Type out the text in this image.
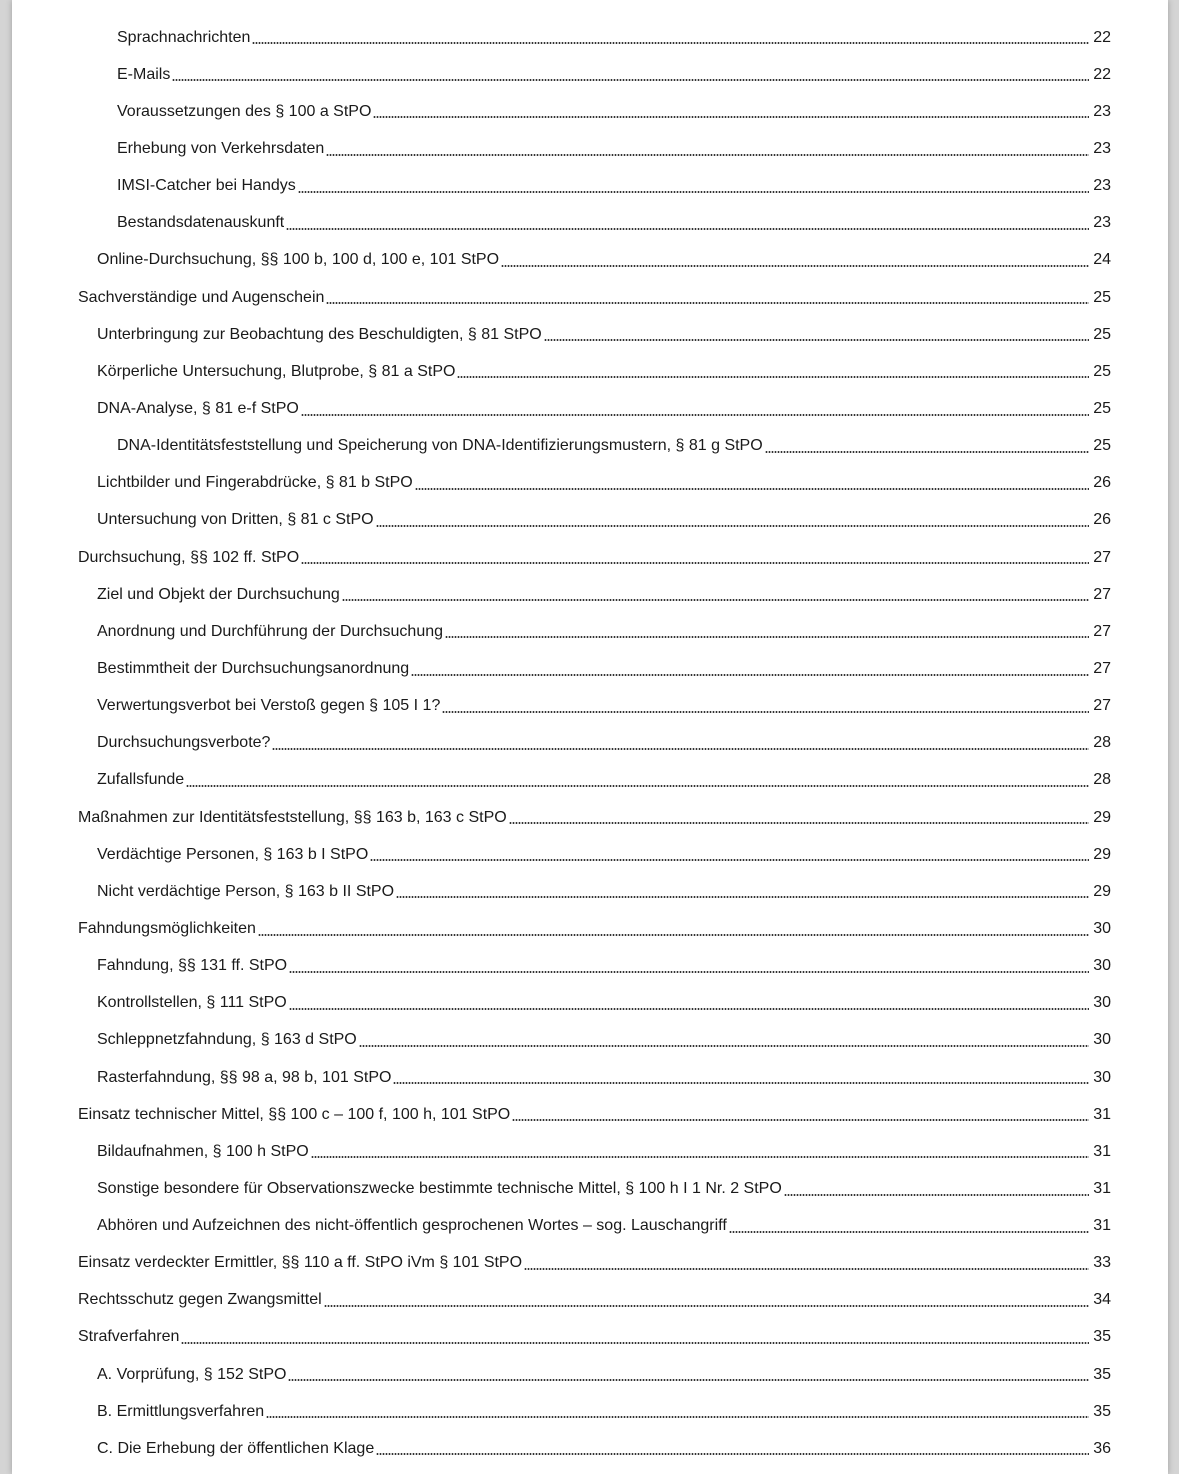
Sprachnachrichten	22
E-Mails	22
Voraussetzungen des § 100 a StPO	23
Erhebung von Verkehrsdaten	23
IMSI-Catcher bei Handys	23
Bestandsdatenauskunft	23
Online-Durchsuchung, §§ 100 b, 100 d, 100 e, 101 StPO	24
Sachverständige und Augenschein	25
Unterbringung zur Beobachtung des Beschuldigten, § 81 StPO	25
Körperliche Untersuchung, Blutprobe, § 81 a StPO	25
DNA-Analyse, § 81 e-f StPO	25
DNA-Identitätsfeststellung und Speicherung von DNA-Identifizierungsmustern, § 81 g StPO	25
Lichtbilder und Fingerabdrücke, § 81 b StPO	26
Untersuchung von Dritten, § 81 c StPO	26
Durchsuchung, §§ 102 ff. StPO	27
Ziel und Objekt der Durchsuchung	27
Anordnung und Durchführung der Durchsuchung	27
Bestimmtheit der Durchsuchungsanordnung	27
Verwertungsverbot bei Verstoß gegen § 105 I 1?	27
Durchsuchungsverbote?	28
Zufallsfunde	28
Maßnahmen zur Identitätsfeststellung, §§ 163 b, 163 c StPO	29
Verdächtige Personen, § 163 b I StPO	29
Nicht verdächtige Person, § 163 b II StPO	29
Fahndungsmöglichkeiten	30
Fahndung, §§ 131 ff. StPO	30
Kontrollstellen, § 111 StPO	30
Schleppnetzfahndung, § 163 d StPO	30
Rasterfahndung, §§ 98 a, 98 b, 101 StPO	30
Einsatz technischer Mittel, §§ 100 c – 100 f, 100 h, 101 StPO	31
Bildaufnahmen, § 100 h StPO	31
Sonstige besondere für Observationszwecke bestimmte technische Mittel, § 100 h I 1 Nr. 2 StPO	31
Abhören und Aufzeichnen des nicht-öffentlich gesprochenen Wortes – sog. Lauschangriff	31
Einsatz verdeckter Ermittler, §§ 110 a ff. StPO iVm § 101 StPO	33
Rechtsschutz gegen Zwangsmittel	34
Strafverfahren	35
A. Vorprüfung, § 152 StPO	35
B. Ermittlungsverfahren	35
C. Die Erhebung der öffentlichen Klage	36
